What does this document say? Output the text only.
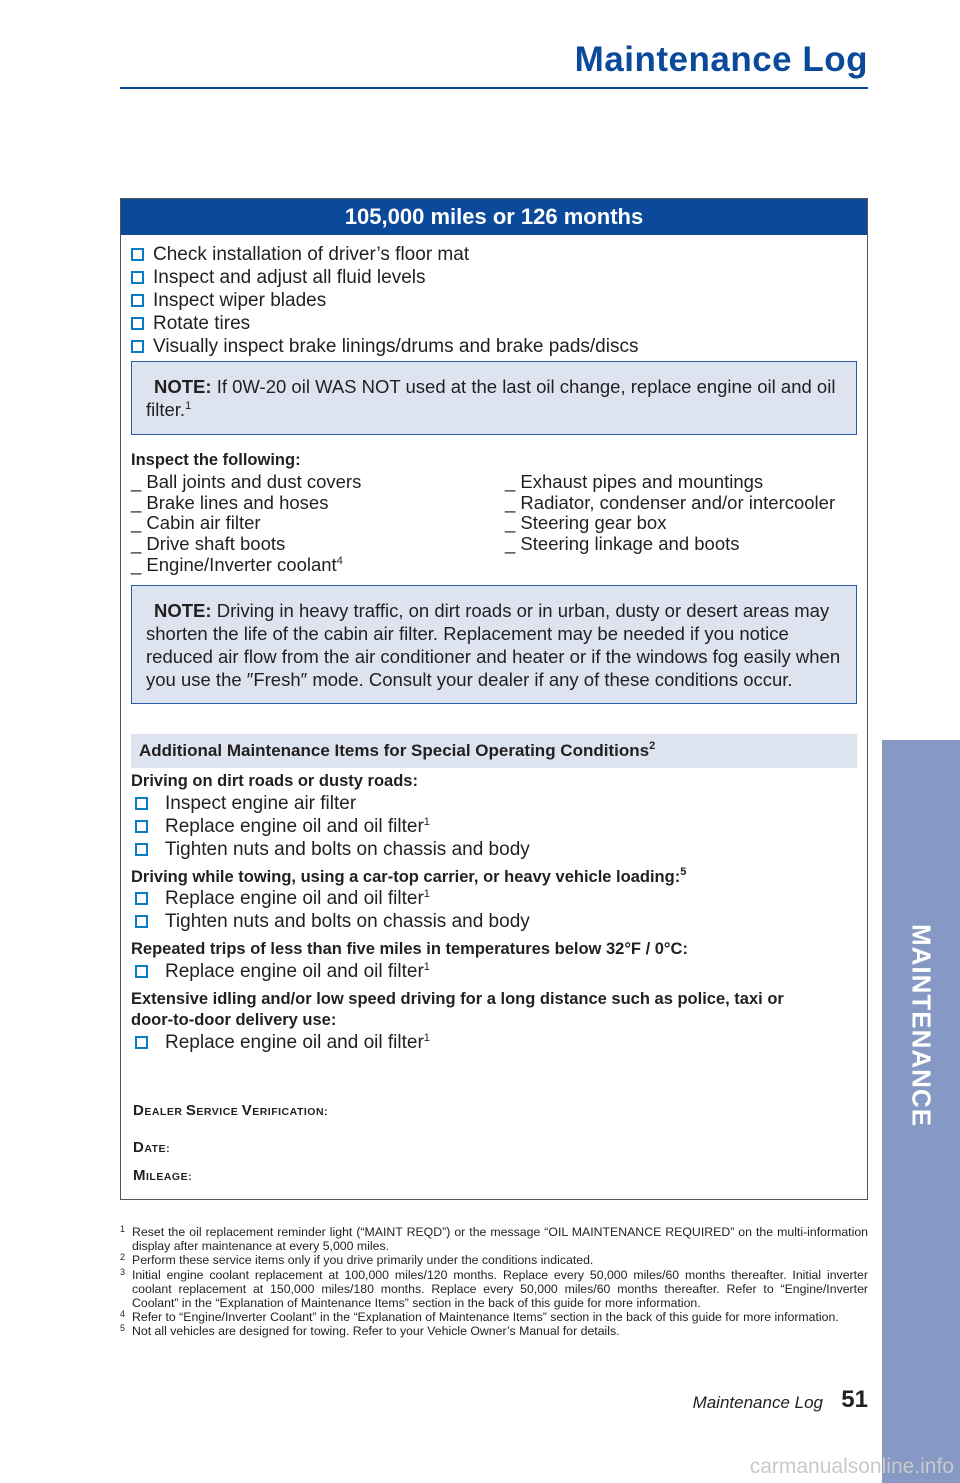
Maintenance Log
MAINTENANCE
105,000 miles or 126 months
Check installation of driver’s floor mat
Inspect and adjust all fluid levels
Inspect wiper blades
Rotate tires
Visually inspect brake linings/drums and brake pads/discs
NOTE: If 0W-20 oil WAS NOT used at the last oil change, replace engine oil and oil filter.$^1$
Inspect the following:
_ Ball joints and dust covers
_ Brake lines and hoses
_ Cabin air filter
_ Drive shaft boots
_ Engine/Inverter coolant$^4$
_ Exhaust pipes and mountings
_ Radiator, condenser and/or intercooler
_ Steering gear box
_ Steering linkage and boots
NOTE: Driving in heavy traffic, on dirt roads or in urban, dusty or desert areas may shorten the life of the cabin air filter. Replacement may be needed if you notice reduced air flow from the air conditioner and heater or if the windows fog easily when you use the ″Fresh″ mode. Consult your dealer if any of these conditions occur.
Additional Maintenance Items for Special Operating Conditions$^2$
Driving on dirt roads or dusty roads:
Inspect engine air filter
Replace engine oil and oil filter$^1$
Tighten nuts and bolts on chassis and body
Driving while towing, using a car-top carrier, or heavy vehicle loading:$^5$
Replace engine oil and oil filter$^1$
Tighten nuts and bolts on chassis and body
Repeated trips of less than five miles in temperatures below 32°F / 0°C:
Replace engine oil and oil filter$^1$
Extensive idling and/or low speed driving for a long distance such as police, taxi or
door-to-door delivery use:
Replace engine oil and oil filter$^1$
DEALER SERVICE VERIFICATION:
DATE:
MILEAGE:
1 Reset the oil replacement reminder light (“MAINT REQD”) or the message “OIL MAINTENANCE REQUIRED” on the multi-information display after maintenance at every 5,000 miles.
2 Perform these service items only if you drive primarily under the conditions indicated.
3 Initial engine coolant replacement at 100,000 miles/120 months. Replace every 50,000 miles/60 months thereafter. Initial inverter coolant replacement at 150,000 miles/180 months. Replace every 50,000 miles/60 months thereafter. Refer to “Engine/Inverter Coolant” in the “Explanation of Maintenance Items” section in the back of this guide for more information.
4 Refer to “Engine/Inverter Coolant” in the “Explanation of Maintenance Items” section in the back of this guide for more information.
5 Not all vehicles are designed for towing. Refer to your Vehicle Owner’s Manual for details.
Maintenance Log 51
carmanualsonline.info
